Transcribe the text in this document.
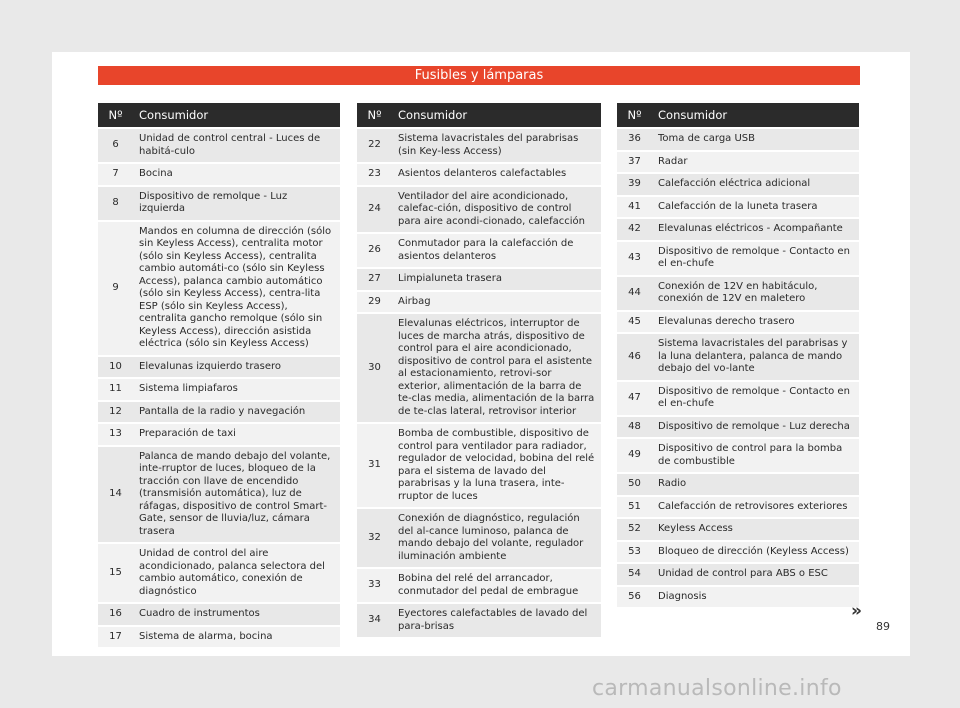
Fusibles y lámparas
Nº	Consumidor
6	Unidad de control central - Luces de habitá-culo
7	Bocina
8	Dispositivo de remolque - Luz izquierda
9	Mandos en columna de dirección (sólo sin Keyless Access), centralita motor (sólo sin Keyless Access), centralita cambio automáti-co (sólo sin Keyless Access), palanca cambio automático (sólo sin Keyless Access), centra-lita ESP (sólo sin Keyless Access), centralita gancho remolque (sólo sin Keyless Access), dirección asistida eléctrica (sólo sin Keyless Access)
10	Elevalunas izquierdo trasero
11	Sistema limpiafaros
12	Pantalla de la radio y navegación
13	Preparación de taxi
14	Palanca de mando debajo del volante, inte-rruptor de luces, bloqueo de la tracción con llave de encendido (transmisión automática), luz de ráfagas, dispositivo de control Smart-Gate, sensor de lluvia/luz, cámara trasera
15	Unidad de control del aire acondicionado, palanca selectora del cambio automático, conexión de diagnóstico
16	Cuadro de instrumentos
17	Sistema de alarma, bocina
Nº	Consumidor
22	Sistema lavacristales del parabrisas (sin Key-less Access)
23	Asientos delanteros calefactables
24	Ventilador del aire acondicionado, calefac-ción, dispositivo de control para aire acondi-cionado, calefacción
26	Conmutador para la calefacción de asientos delanteros
27	Limpialuneta trasera
29	Airbag
30	Elevalunas eléctricos, interruptor de luces de marcha atrás, dispositivo de control para el aire acondicionado, dispositivo de control para el asistente al estacionamiento, retrovi-sor exterior, alimentación de la barra de te-clas media, alimentación de la barra de te-clas lateral, retrovisor interior
31	Bomba de combustible, dispositivo de control para ventilador para radiador, regulador de velocidad, bobina del relé para el sistema de lavado del parabrisas y la luna trasera, inte-rruptor de luces
32	Conexión de diagnóstico, regulación del al-cance luminoso, palanca de mando debajo del volante, regulador iluminación ambiente
33	Bobina del relé del arrancador, conmutador del pedal de embrague
34	Eyectores calefactables de lavado del para-brisas
Nº	Consumidor
36	Toma de carga USB
37	Radar
39	Calefacción eléctrica adicional
41	Calefacción de la luneta trasera
42	Elevalunas eléctricos - Acompañante
43	Dispositivo de remolque - Contacto en el en-chufe
44	Conexión de 12V en habitáculo, conexión de 12V en maletero
45	Elevalunas derecho trasero
46	Sistema lavacristales del parabrisas y la luna delantera, palanca de mando debajo del vo-lante
47	Dispositivo de remolque - Contacto en el en-chufe
48	Dispositivo de remolque - Luz derecha
49	Dispositivo de control para la bomba de combustible
50	Radio
51	Calefacción de retrovisores exteriores
52	Keyless Access
53	Bloqueo de dirección (Keyless Access)
54	Unidad de control para ABS o ESC
56	Diagnosis
»
89
carmanualsonline.info
